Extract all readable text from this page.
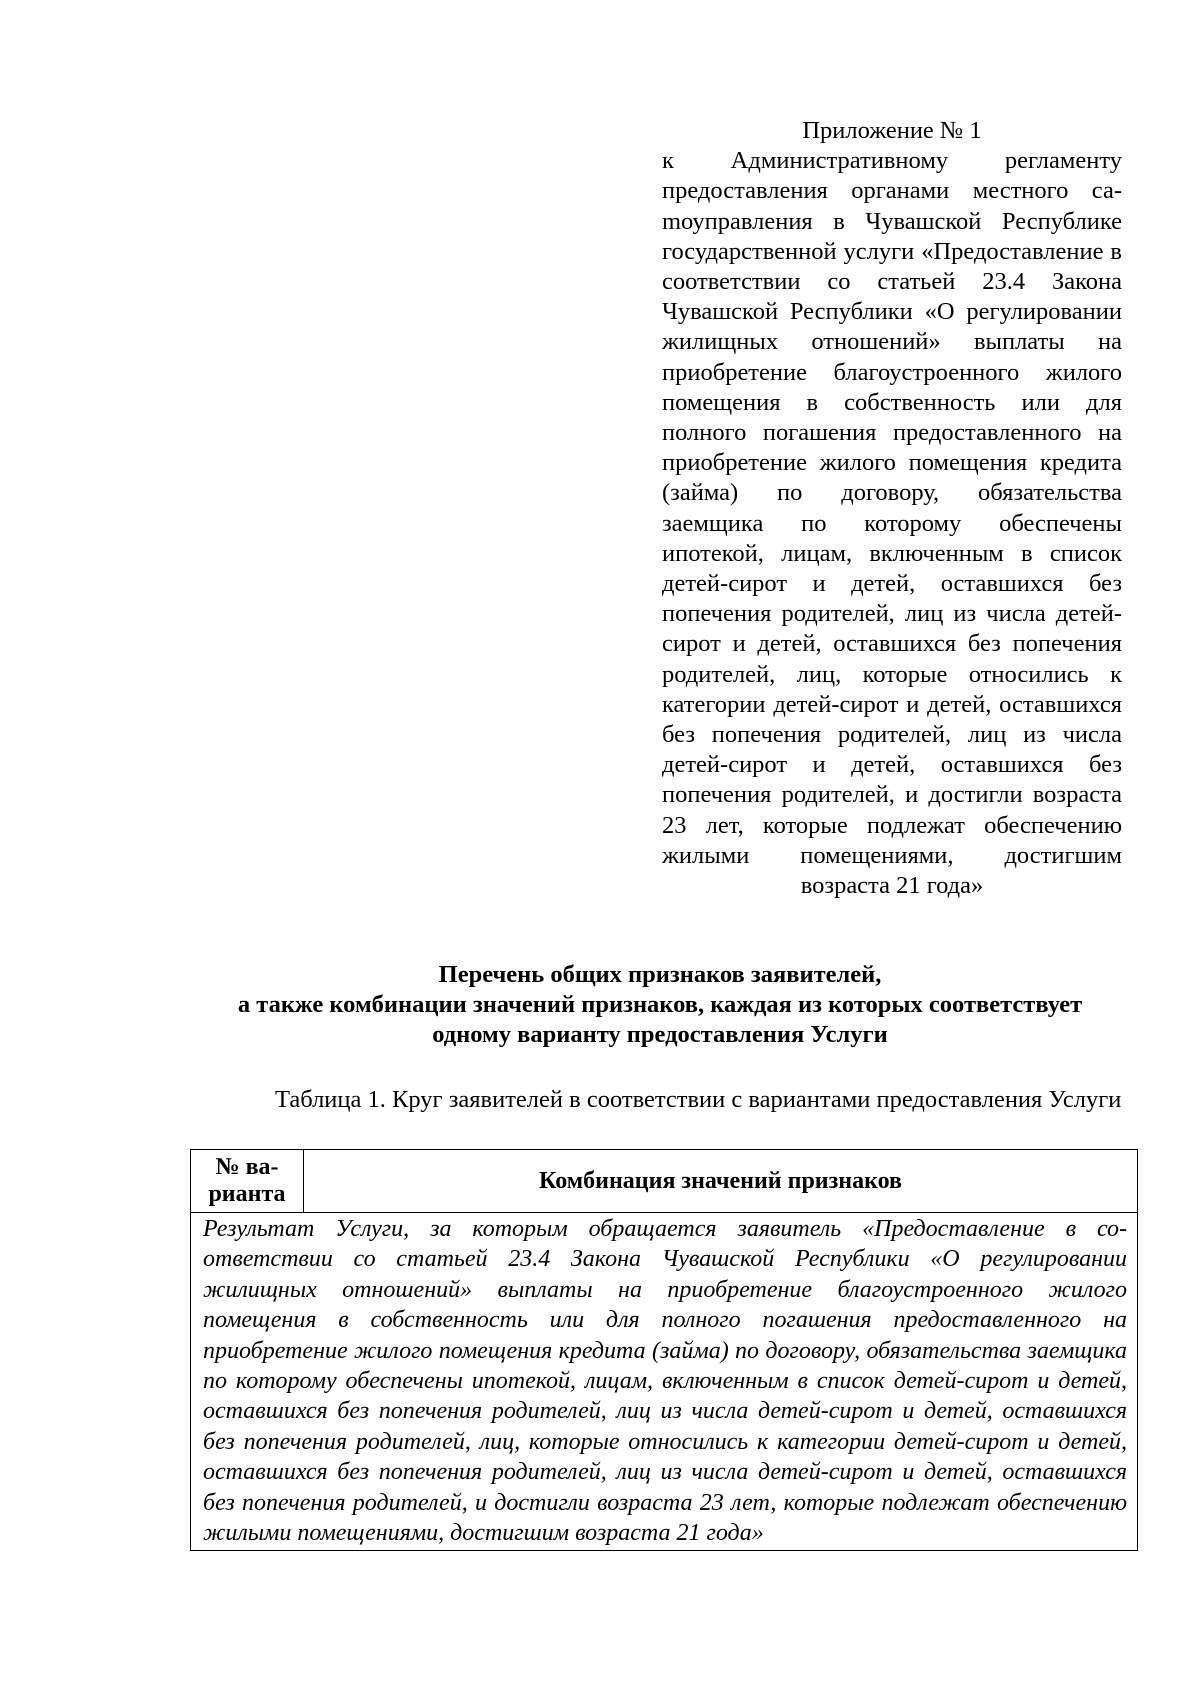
Приложение № 1
к Административному регламенту предоставления органами местного саmоуправления в Чувашской Республике государственной услуги «Предоставление в соответствии со статьей 23.4 Закона Чувашской Республики «О регулировании жилищных отношений» выплаты на приобретение благоустроенного жилого помещения в собственность или для полного погашения предоставленного на приобретение жилого помещения кредита (займа) по договору, обязательства заемщика по которому обеспечены ипотекой, лицам, включенным в список детей-сирот и детей, оставшихся без попечения родителей, лиц из числа детей-сирот и детей, оставшихся без попечения родителей, лиц, которые относились к категории детей-сирот и детей, оставшихся без попечения родителей, лиц из числа детей-сирот и детей, оставшихся без попечения родителей, и достигли возраста 23 лет, которые подлежат обеспечению жилыми помещениями, достигшим возраста 21 года»
Перечень общих признаков заявителей,
а также комбинации значений признаков, каждая из которых соответствует
одному варианту предоставления Услуги
Таблица 1. Круг заявителей в соответствии с вариантами предоставления Услуги
№ варианта	Комбинация значений признаков
Результат Услуги, за которым обращается заявитель «Предоставление в соответствии со статьей 23.4 Закона Чувашской Республики «О регулировании жилищных отношений» выплаты на приобретение благоустроенного жилого помещения в собственность или для полного погашения предоставленного на приобретение жилого помещения кредита (займа) по договору, обязательства заемщика по которому обеспечены ипотекой, лицам, включенным в список детей-сирот и детей, оставшихся без попечения родителей, лиц из числа детей-сирот и детей, оставшихся без попечения родителей, лиц, которые относились к категории детей-сирот и детей, оставшихся без попечения родителей, лиц из числа детей-сирот и детей, оставшихся без попечения родителей, и достигли возраста 23 лет, которые подлежат обеспечению жилыми помещениями, достигшим возраста 21 года»
